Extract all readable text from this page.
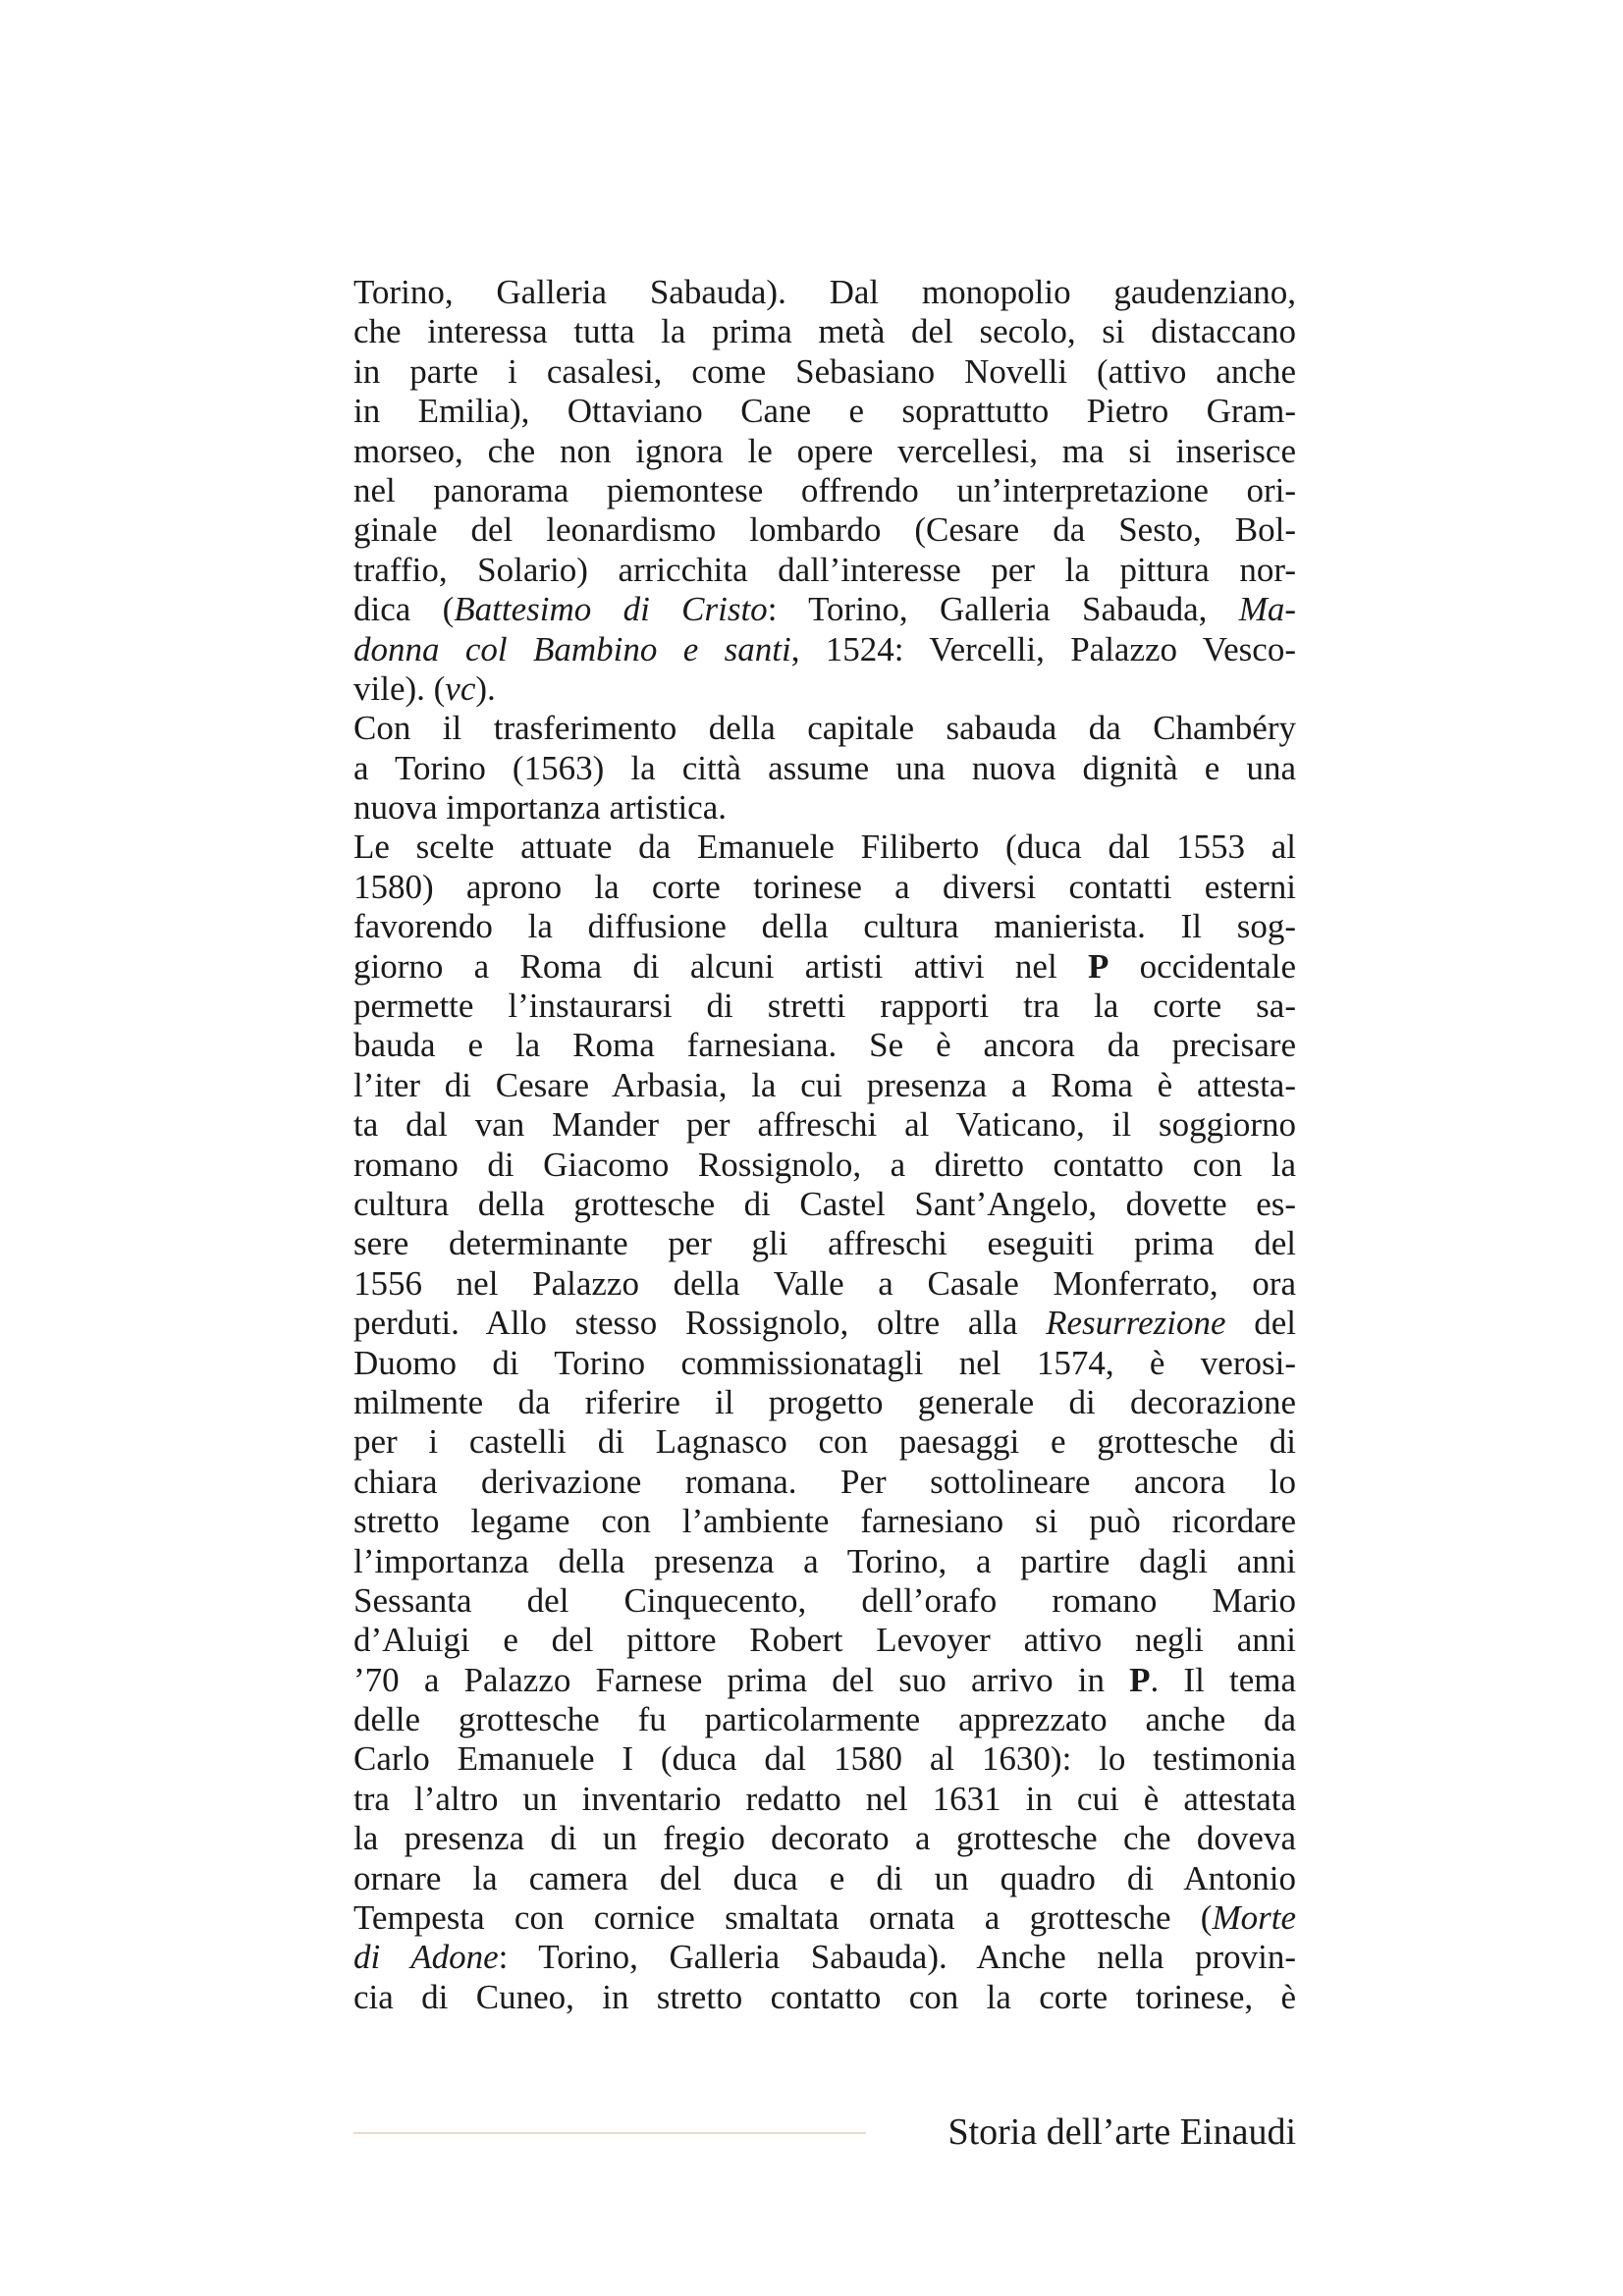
Torino, Galleria Sabauda). Dal monopolio gaudenziano,
che interessa tutta la prima metà del secolo, si distaccano
in parte i casalesi, come Sebasiano Novelli (attivo anche
in Emilia), Ottaviano Cane e soprattutto Pietro Gram-
morseo, che non ignora le opere vercellesi, ma si inserisce
nel panorama piemontese offrendo un’interpretazione ori-
ginale del leonardismo lombardo (Cesare da Sesto, Bol-
traffio, Solario) arricchita dall’interesse per la pittura nor-
dica (Battesimo di Cristo: Torino, Galleria Sabauda, Ma-
donna col Bambino e santi, 1524: Vercelli, Palazzo Vesco-
vile). (vc).
Con il trasferimento della capitale sabauda da Chambéry
a Torino (1563) la città assume una nuova dignità e una
nuova importanza artistica.
Le scelte attuate da Emanuele Filiberto (duca dal 1553 al
1580) aprono la corte torinese a diversi contatti esterni
favorendo la diffusione della cultura manierista. Il sog-
giorno a Roma di alcuni artisti attivi nel P occidentale
permette l’instaurarsi di stretti rapporti tra la corte sa-
bauda e la Roma farnesiana. Se è ancora da precisare
l’iter di Cesare Arbasia, la cui presenza a Roma è attesta-
ta dal van Mander per affreschi al Vaticano, il soggiorno
romano di Giacomo Rossignolo, a diretto contatto con la
cultura della grottesche di Castel Sant’Angelo, dovette es-
sere determinante per gli affreschi eseguiti prima del
1556 nel Palazzo della Valle a Casale Monferrato, ora
perduti. Allo stesso Rossignolo, oltre alla Resurrezione del
Duomo di Torino commissionatagli nel 1574, è verosi-
milmente da riferire il progetto generale di decorazione
per i castelli di Lagnasco con paesaggi e grottesche di
chiara derivazione romana. Per sottolineare ancora lo
stretto legame con l’ambiente farnesiano si può ricordare
l’importanza della presenza a Torino, a partire dagli anni
Sessanta del Cinquecento, dell’orafo romano Mario
d’Aluigi e del pittore Robert Levoyer attivo negli anni
’70 a Palazzo Farnese prima del suo arrivo in P. Il tema
delle grottesche fu particolarmente apprezzato anche da
Carlo Emanuele I (duca dal 1580 al 1630): lo testimonia
tra l’altro un inventario redatto nel 1631 in cui è attestata
la presenza di un fregio decorato a grottesche che doveva
ornare la camera del duca e di un quadro di Antonio
Tempesta con cornice smaltata ornata a grottesche (Morte
di Adone: Torino, Galleria Sabauda). Anche nella provin-
cia di Cuneo, in stretto contatto con la corte torinese, è
Storia dell’arte Einaudi
